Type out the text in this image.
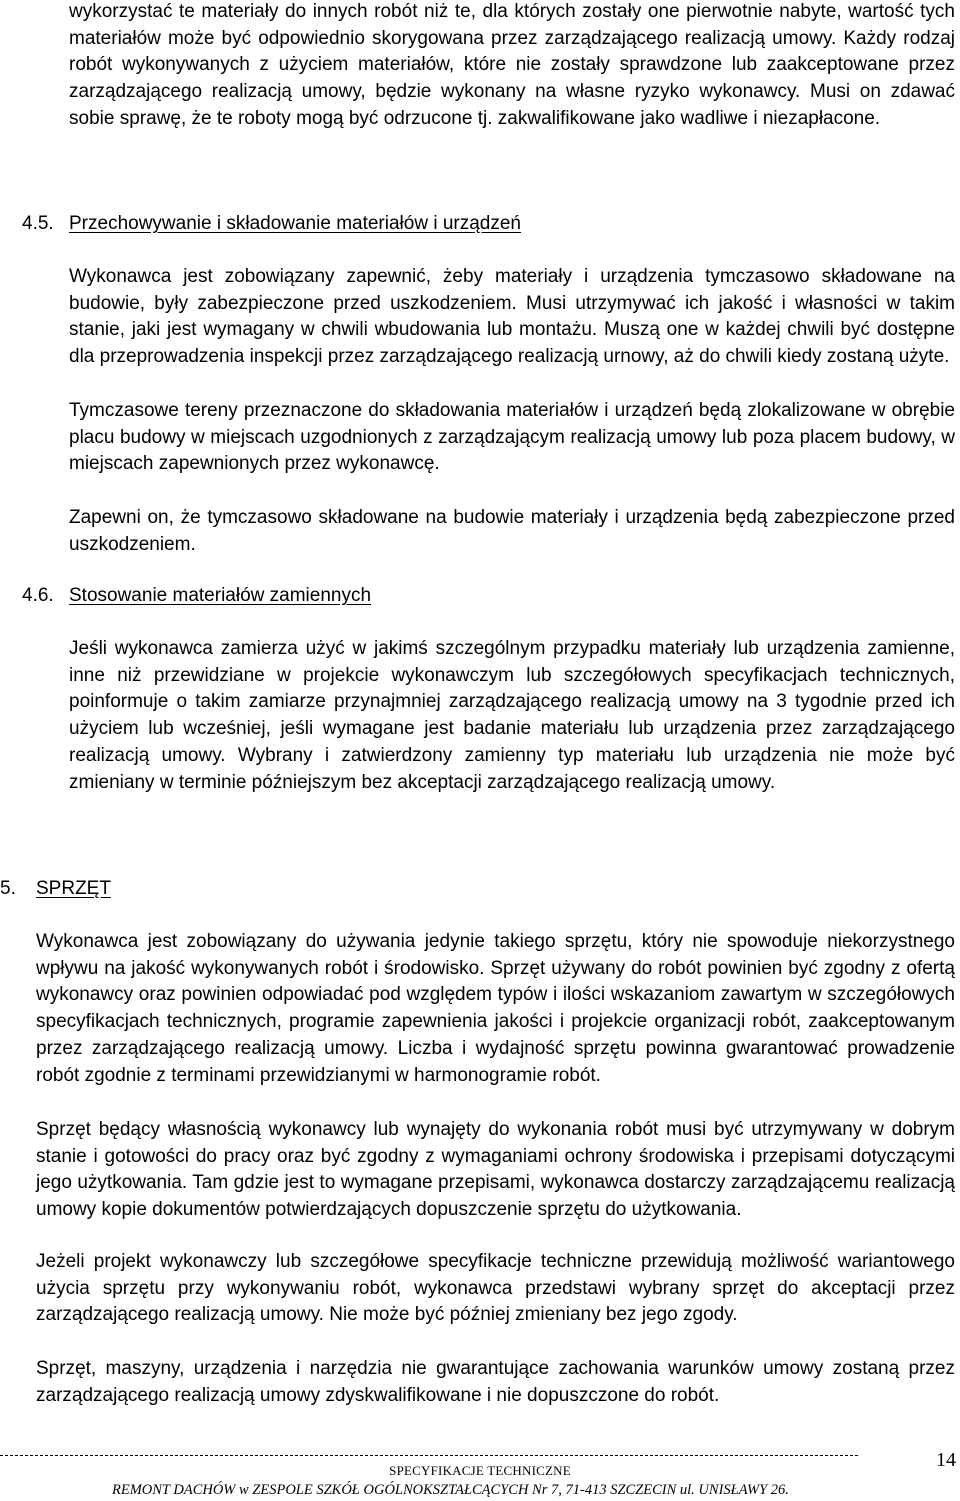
wykorzystać te materiały do innych robót niż te, dla których zostały one pierwotnie nabyte, wartość tych materiałów może być odpowiednio skorygowana przez zarządzającego realizacją umowy. Każdy rodzaj robót wykonywanych z użyciem materiałów, które nie zostały sprawdzone lub zaakceptowane przez zarządzającego realizacją umowy, będzie wykonany na własne ryzyko wykonawcy. Musi on zdawać sobie sprawę, że te roboty mogą być odrzucone tj. zakwalifikowane jako wadliwe i niezapłacone.

4.5. Przechowywanie i składowanie materiałów i urządzeń

Wykonawca jest zobowiązany zapewnić, żeby materiały i urządzenia tymczasowo składowane na budowie, były zabezpieczone przed uszkodzeniem. Musi utrzymywać ich jakość i własności w takim stanie, jaki jest wymagany w chwili wbudowania lub montażu. Muszą one w każdej chwili być dostępne dla przeprowadzenia inspekcji przez zarządzającego realizacją urnowy, aż do chwili kiedy zostaną użyte.

Tymczasowe tereny przeznaczone do składowania materiałów i urządzeń będą zlokalizowane w obrębie placu budowy w miejscach uzgodnionych z zarządzającym realizacją umowy lub poza placem budowy, w miejscach zapewnionych przez wykonawcę.

Zapewni on, że tymczasowo składowane na budowie materiały i urządzenia będą zabezpieczone przed uszkodzeniem.

4.6. Stosowanie materiałów zamiennych

Jeśli wykonawca zamierza użyć w jakimś szczególnym przypadku materiały lub urządzenia zamienne, inne niż przewidziane w projekcie wykonawczym lub szczegółowych specyfikacjach technicznych, poinformuje o takim zamiarze przynajmniej zarządzającego realizacją umowy na 3 tygodnie przed ich użyciem lub wcześniej, jeśli wymagane jest badanie materiału lub urządzenia przez zarządzającego realizacją umowy. Wybrany i zatwierdzony zamienny typ materiału lub urządzenia nie może być zmieniany w terminie późniejszym bez akceptacji zarządzającego realizacją umowy.

5. SPRZĘT

Wykonawca jest zobowiązany do używania jedynie takiego sprzętu, który nie spowoduje niekorzystnego wpływu na jakość wykonywanych robót i środowisko. Sprzęt używany do robót powinien być zgodny z ofertą wykonawcy oraz powinien odpowiadać pod względem typów i ilości wskazaniom zawartym w szczegółowych specyfikacjach technicznych, programie zapewnienia jakości i projekcie organizacji robót, zaakceptowanym przez zarządzającego realizacją umowy. Liczba i wydajność sprzętu powinna gwarantować prowadzenie robót zgodnie z terminami przewidzianymi w harmonogramie robót.

Sprzęt będący własnością wykonawcy lub wynajęty do wykonania robót musi być utrzymywany w dobrym stanie i gotowości do pracy oraz być zgodny z wymaganiami ochrony środowiska i przepisami dotyczącymi jego użytkowania. Tam gdzie jest to wymagane przepisami, wykonawca dostarczy zarządzającemu realizacją umowy kopie dokumentów potwierdzających dopuszczenie sprzętu do użytkowania.

Jeżeli projekt wykonawczy lub szczegółowe specyfikacje techniczne przewidują możliwość wariantowego użycia sprzętu przy wykonywaniu robót, wykonawca przedstawi wybrany sprzęt do akceptacji przez zarządzającego realizacją umowy. Nie może być później zmieniany bez jego zgody.

Sprzęt, maszyny, urządzenia i narzędzia nie gwarantujące zachowania warunków umowy zostaną przez zarządzającego realizacją umowy zdyskwalifikowane i nie dopuszczone do robót.

14
SPECYFIKACJE TECHNICZNE
REMONT DACHÓW w ZESPOLE SZKÓŁ OGÓLNOKSZTAŁCĄCYCH Nr 7, 71-413 SZCZECIN ul. UNISŁAWY 26.
